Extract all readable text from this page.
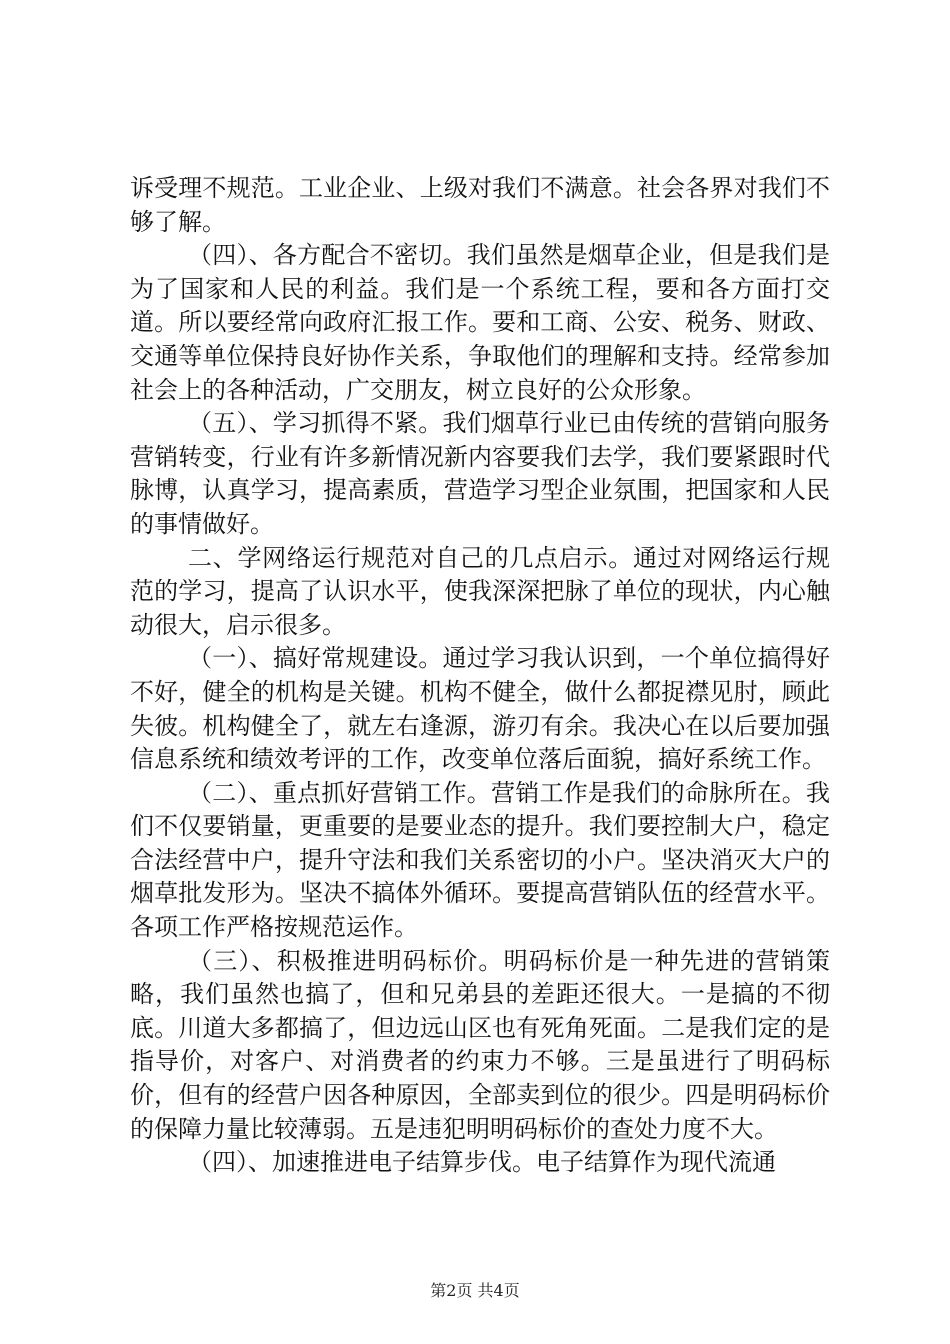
诉受理不规范。工业企业、上级对我们不满意。社会各界对我们不够了解。

（四）、各方配合不密切。我们虽然是烟草企业，但是我们是为了国家和人民的利益。我们是一个系统工程，要和各方面打交道。所以要经常向政府汇报工作。要和工商、公安、税务、财政、交通等单位保持良好协作关系，争取他们的理解和支持。经常参加社会上的各种活动，广交朋友，树立良好的公众形象。

（五）、学习抓得不紧。我们烟草行业已由传统的营销向服务营销转变，行业有许多新情况新内容要我们去学，我们要紧跟时代脉博，认真学习，提高素质，营造学习型企业氛围，把国家和人民的事情做好。

二、学网络运行规范对自己的几点启示。通过对网络运行规范的学习，提高了认识水平，使我深深把脉了单位的现状，内心触动很大，启示很多。

（一）、搞好常规建设。通过学习我认识到，一个单位搞得好不好，健全的机构是关键。机构不健全，做什么都捉襟见肘，顾此失彼。机构健全了，就左右逢源，游刃有余。我决心在以后要加强信息系统和绩效考评的工作，改变单位落后面貌，搞好系统工作。

（二）、重点抓好营销工作。营销工作是我们的命脉所在。我们不仅要销量，更重要的是要业态的提升。我们要控制大户，稳定合法经营中户，提升守法和我们关系密切的小户。坚决消灭大户的烟草批发形为。坚决不搞体外循环。要提高营销队伍的经营水平。各项工作严格按规范运作。

（三）、积极推进明码标价。明码标价是一种先进的营销策略，我们虽然也搞了，但和兄弟县的差距还很大。一是搞的不彻底。川道大多都搞了，但边远山区也有死角死面。二是我们定的是指导价，对客户、对消费者的约束力不够。三是虽进行了明码标价，但有的经营户因各种原因，全部卖到位的很少。四是明码标价的保障力量比较薄弱。五是违犯明明码标价的查处力度不大。

（四）、加速推进电子结算步伐。电子结算作为现代流通

第2页 共4页
